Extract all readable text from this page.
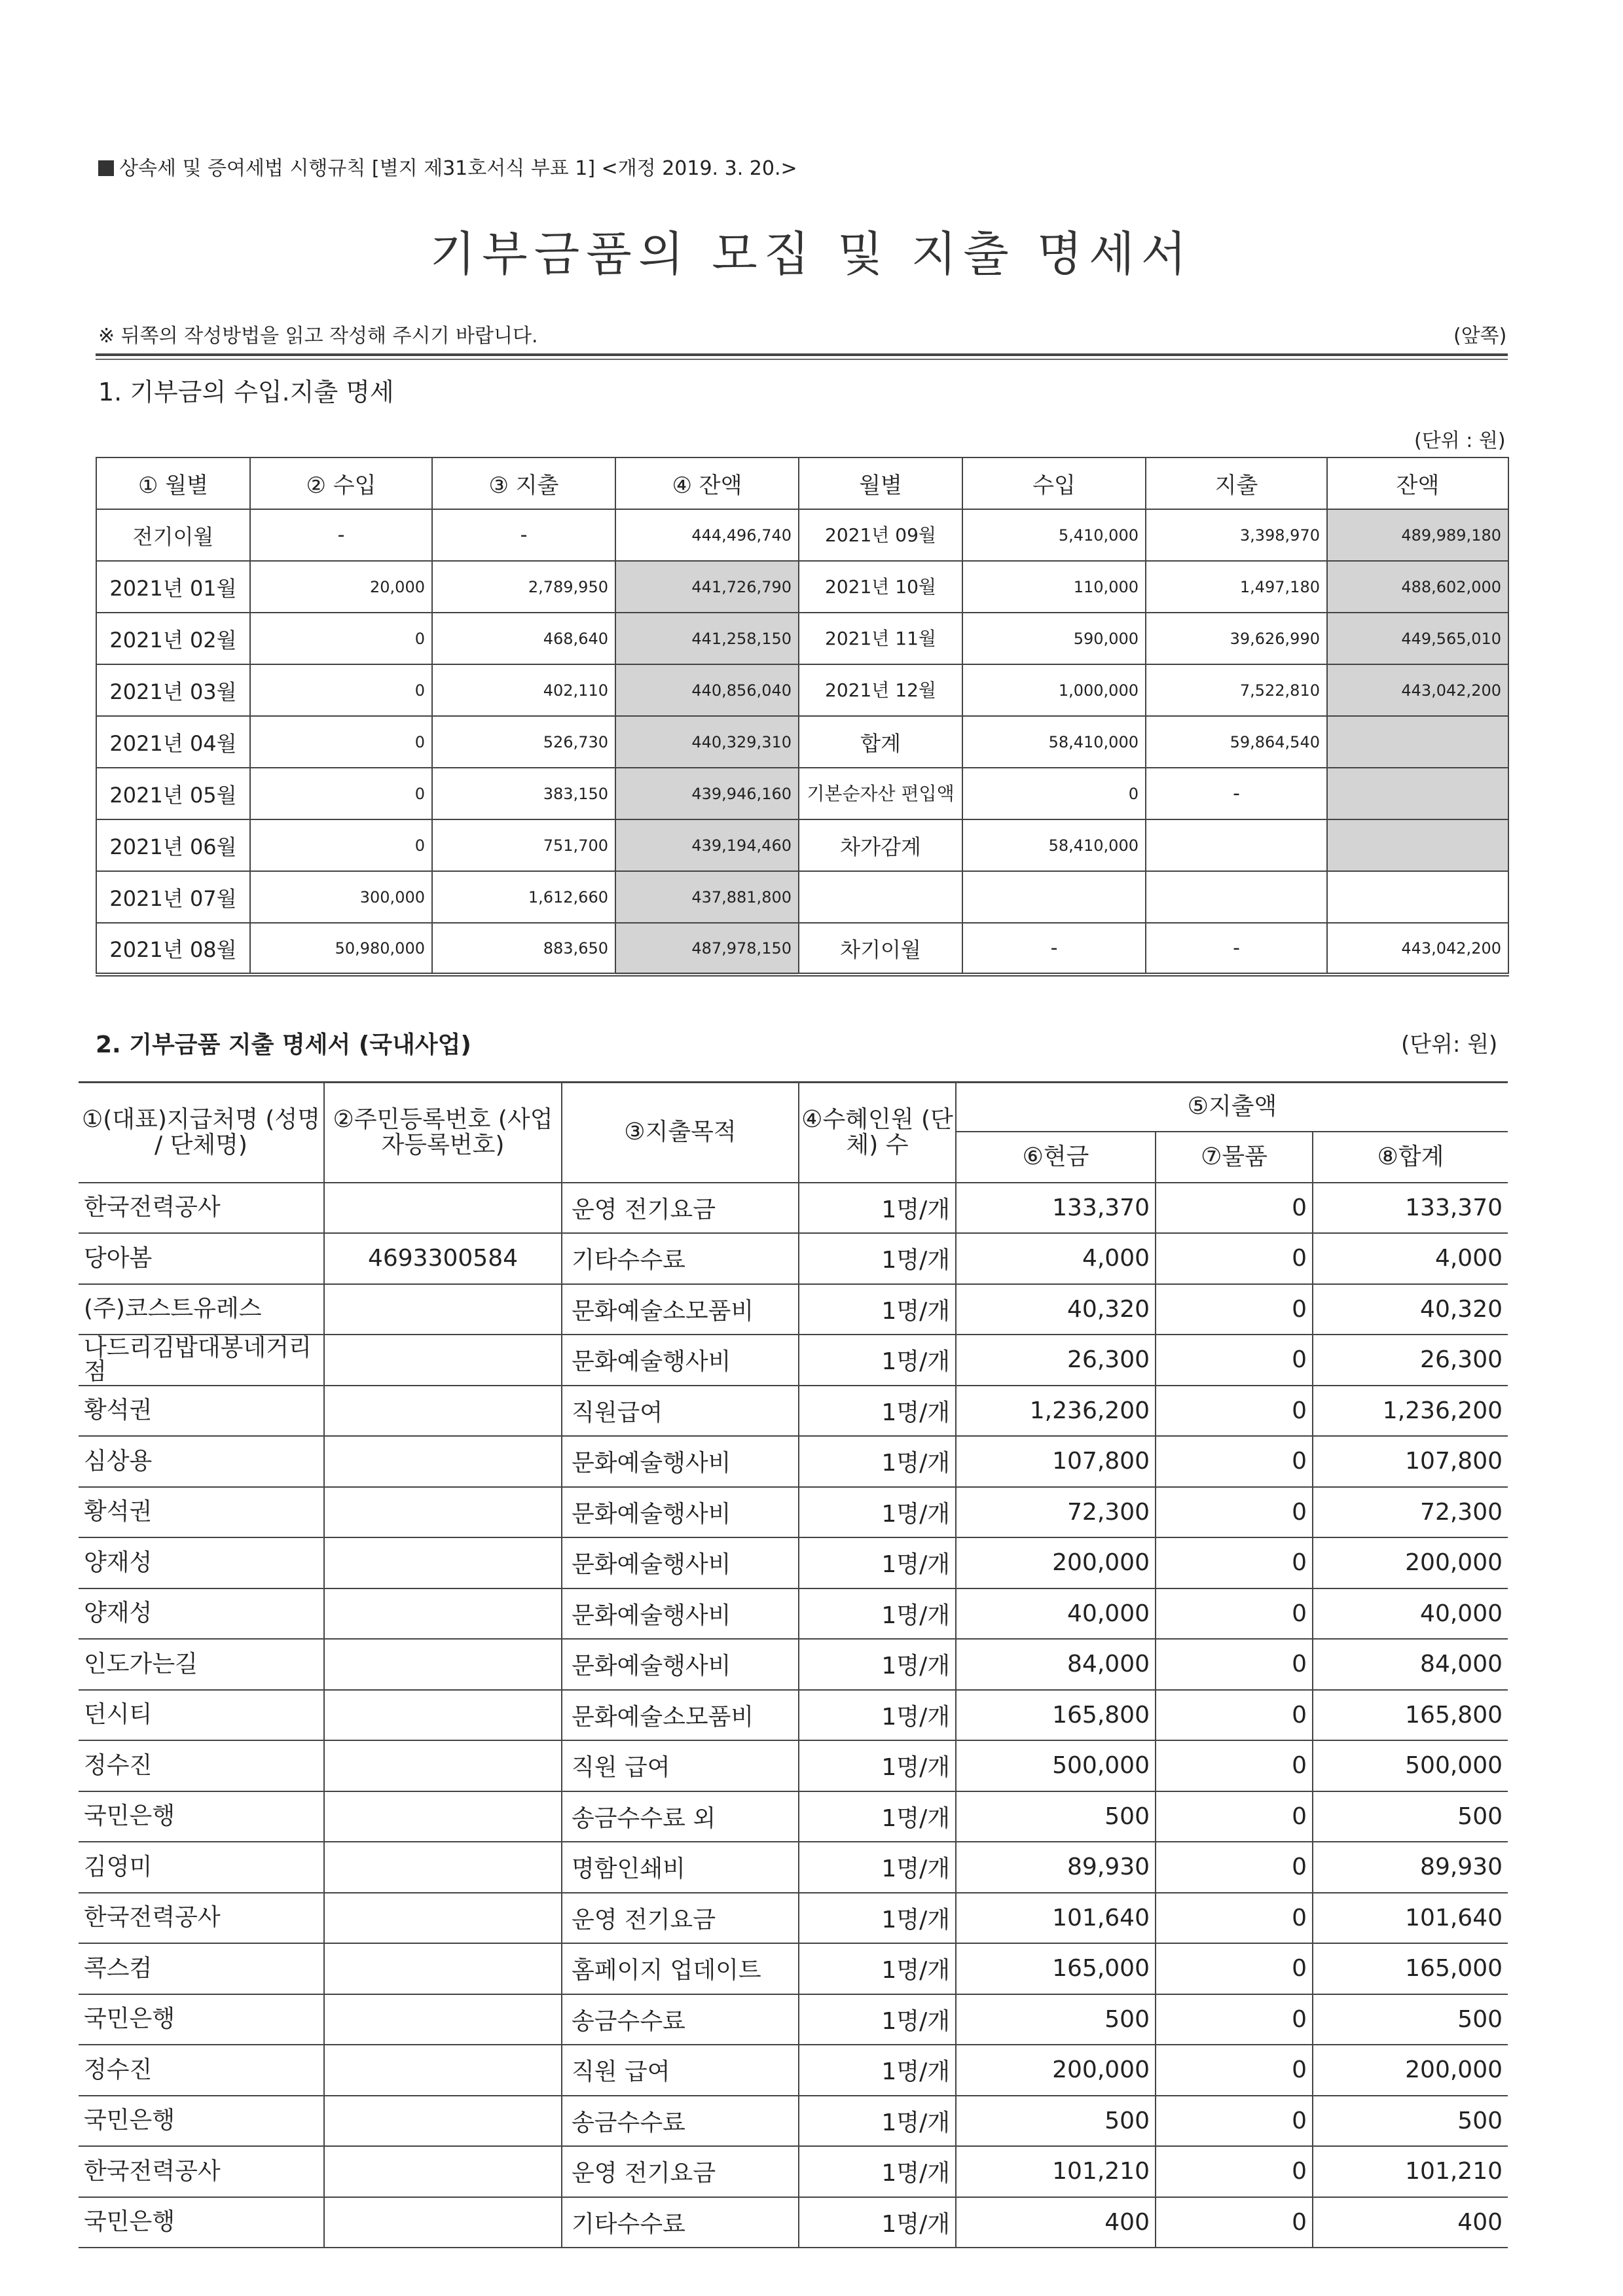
상속세 및 증여세법 시행규칙 [별지 제31호서식 부표 1] <개정 2019. 3. 20.>
기부금품의 모집 및 지출 명세서
※ 뒤쪽의 작성방법을 읽고 작성해 주시기 바랍니다.	(앞쪽)
1. 기부금의 수입.지출 명세
(단위 : 원)
① 월별	② 수입	③ 지출	④ 잔액	월별	수입	지출	잔액
전기이월	-	-	444,496,740	2021년 09월	5,410,000	3,398,970	489,989,180
2021년 01월	20,000	2,789,950	441,726,790	2021년 10월	110,000	1,497,180	488,602,000
2021년 02월	0	468,640	441,258,150	2021년 11월	590,000	39,626,990	449,565,010
2021년 03월	0	402,110	440,856,040	2021년 12월	1,000,000	7,522,810	443,042,200
2021년 04월	0	526,730	440,329,310	합계	58,410,000	59,864,540	
2021년 05월	0	383,150	439,946,160	기본순자산 편입액	0	-	
2021년 06월	0	751,700	439,194,460	차가감계	58,410,000		
2021년 07월	300,000	1,612,660	437,881,800				
2021년 08월	50,980,000	883,650	487,978,150	차기이월	-	-	443,042,200
2. 기부금품 지출 명세서 (국내사업)	(단위: 원)
①(대표)지급처명 (성명 / 단체명)	②주민등록번호 (사업자등록번호)	③지출목적	④수혜인원 (단체) 수	⑤지출액		
				⑥현금	⑦물품	⑧합계
한국전력공사		운영 전기요금	1명/개	133,370	0	133,370
당아봄	4693300584	기타수수료	1명/개	4,000	0	4,000
(주)코스트유레스		문화예술소모품비	1명/개	40,320	0	40,320
나드리김밥대봉네거리점		문화예술행사비	1명/개	26,300	0	26,300
황석권		직원급여	1명/개	1,236,200	0	1,236,200
심상용		문화예술행사비	1명/개	107,800	0	107,800
황석권		문화예술행사비	1명/개	72,300	0	72,300
양재성		문화예술행사비	1명/개	200,000	0	200,000
양재성		문화예술행사비	1명/개	40,000	0	40,000
인도가는길		문화예술행사비	1명/개	84,000	0	84,000
던시티		문화예술소모품비	1명/개	165,800	0	165,800
정수진		직원 급여	1명/개	500,000	0	500,000
국민은행		송금수수료 외	1명/개	500	0	500
김영미		명함인쇄비	1명/개	89,930	0	89,930
한국전력공사		운영 전기요금	1명/개	101,640	0	101,640
콕스컴		홈페이지 업데이트	1명/개	165,000	0	165,000
국민은행		송금수수료	1명/개	500	0	500
정수진		직원 급여	1명/개	200,000	0	200,000
국민은행		송금수수료	1명/개	500	0	500
한국전력공사		운영 전기요금	1명/개	101,210	0	101,210
국민은행		기타수수료	1명/개	400	0	400
